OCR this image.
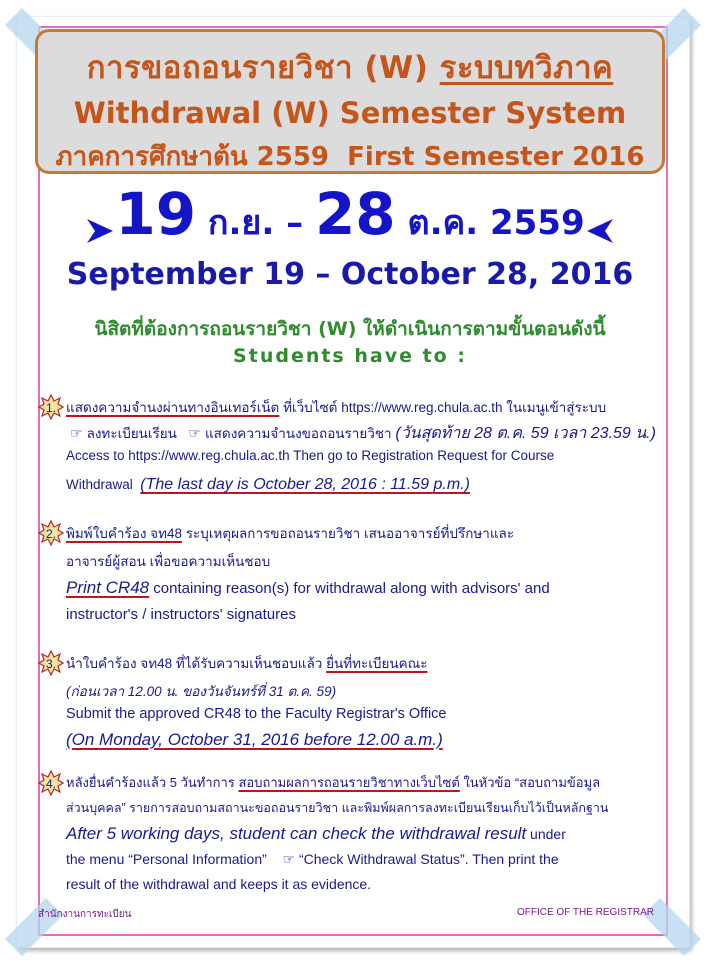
การขอถอนรายวิชา (W) ระบบทวิภาค
Withdrawal (W) Semester System
ภาคการศึกษาต้น 2559 First Semester 2016
19 ก.ย. – 28 ต.ค. 2559
September 19 – October 28, 2016
นิสิตที่ต้องการถอนรายวิชา (W) ให้ดำเนินการตามขั้นตอนดังนี้
Students have to :
1. แสดงความจำนงผ่านทางอินเทอร์เน็ต ที่เว็บไซต์ https://www.reg.chula.ac.th ในเมนูเข้าสู่ระบบ
☞ ลงทะเบียนเรียน ☞ แสดงความจำนงขอถอนรายวิชา (วันสุดท้าย 28 ต.ค. 59 เวลา 23.59 น.)
Access to https://www.reg.chula.ac.th Then go to Registration Request for Course
Withdrawal (The last day is October 28, 2016 : 11.59 p.m.)
2. พิมพ์ใบคำร้อง จท48 ระบุเหตุผลการขอถอนรายวิชา เสนออาจารย์ที่ปรึกษาและ
อาจารย์ผู้สอน เพื่อขอความเห็นชอบ
Print CR48 containing reason(s) for withdrawal along with advisors' and
instructor's / instructors' signatures
3. นำใบคำร้อง จท48 ที่ได้รับความเห็นชอบแล้ว ยื่นที่ทะเบียนคณะ
(ก่อนเวลา 12.00 น. ของวันจันทร์ที่ 31 ต.ค. 59)
Submit the approved CR48 to the Faculty Registrar's Office
(On Monday, October 31, 2016 before 12.00 a.m.)
4. หลังยื่นคำร้องแล้ว 5 วันทำการ สอบถามผลการถอนรายวิชาทางเว็บไซต์ ในหัวข้อ “สอบถามข้อมูล
ส่วนบุคคล” รายการสอบถามสถานะขอถอนรายวิชา และพิมพ์ผลการลงทะเบียนเรียนเก็บไว้เป็นหลักฐาน
After 5 working days, student can check the withdrawal result under
the menu “Personal Information” ☞ “Check Withdrawal Status”. Then print the
result of the withdrawal and keeps it as evidence.
สำนักงานการทะเบียน	OFFICE OF THE REGISTRAR
